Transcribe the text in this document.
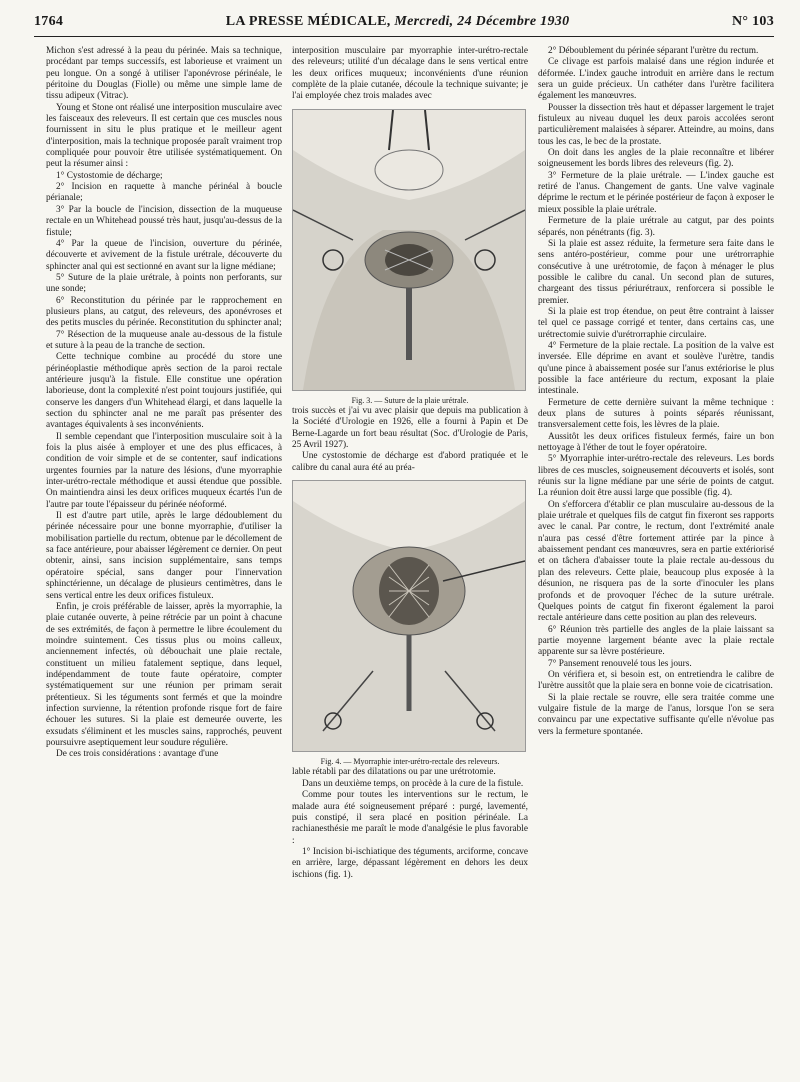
1764	LA PRESSE MÉDICALE, Mercredi, 24 Décembre 1930	N° 103

Michon s'est adressé à la peau du périnée. Mais sa technique, procédant par temps successifs, est laborieuse et vraiment un peu longue. On a songé à utiliser l'aponévrose périnéale, le péritoine du Douglas (Fiolle) ou même une simple lame de tissu adipeux (Vitrac).

Young et Stone ont réalisé une interposition musculaire avec les faisceaux des releveurs. Il est certain que ces muscles nous fournissent in situ le plus pratique et le meilleur agent d'interposition, mais la technique proposée paraît vraiment trop compliquée pour pouvoir être utilisée systématiquement. On peut la résumer ainsi :

1° Cystostomie de décharge;

2° Incision en raquette à manche périnéal à boucle périanale;

3° Par la boucle de l'incision, dissection de la muqueuse rectale en un Whitehead poussé très haut, jusqu'au-dessus de la fistule;

4° Par la queue de l'incision, ouverture du périnée, découverte et avivement de la fistule urétrale, découverte du sphincter anal qui est sectionné en avant sur la ligne médiane;

5° Suture de la plaie urétrale, à points non perforants, sur une sonde;

6° Reconstitution du périnée par le rapprochement en plusieurs plans, au catgut, des releveurs, des aponévroses et des petits muscles du périnée. Reconstitution du sphincter anal;

7° Résection de la muqueuse anale au-dessous de la fistule et suture à la peau de la tranche de section.

Cette technique combine au procédé du store une périnéoplastie méthodique après section de la paroi rectale antérieure jusqu'à la fistule. Elle constitue une opération laborieuse, dont la complexité n'est point toujours justifiée, qui conserve les dangers d'un Whitehead élargi, et dans laquelle la section du sphincter anal ne me paraît pas présenter des avantages équivalents à ses inconvénients.

Il semble cependant que l'interposition musculaire soit à la fois la plus aisée à employer et une des plus efficaces, à condition de voir simple et de se contenter, sauf indications urgentes fournies par la nature des lésions, d'une myorraphie inter-urétro-rectale méthodique et aussi étendue que possible. On maintiendra ainsi les deux orifices muqueux écartés l'un de l'autre par toute l'épaisseur du périnée néoformé.

Il est d'autre part utile, après le large dédoublement du périnée nécessaire pour une bonne myorraphie, d'utiliser la mobilisation partielle du rectum, obtenue par le décollement de sa face antérieure, pour abaisser légèrement ce dernier. On peut obtenir, ainsi, sans incision supplémentaire, sans temps opératoire spécial, sans danger pour l'innervation sphinctérienne, un décalage de plusieurs centimètres, dans le sens vertical entre les deux orifices fistuleux.

Enfin, je crois préférable de laisser, après la myorraphie, la plaie cutanée ouverte, à peine rétrécie par un point à chacune de ses extrémités, de façon à permettre le libre écoulement du moindre suintement. Ces tissus plus ou moins calleux, anciennement infectés, où débouchait une plaie rectale, constituent un milieu fatalement septique, dans lequel, indépendamment de toute faute opératoire, compter systématiquement sur une réunion per primam serait prétentieux. Si les téguments sont fermés et que la moindre infection survienne, la rétention profonde risque fort de faire échouer les sutures. Si la plaie est demeurée ouverte, les exsudats s'éliminent et les muscles sains, rapprochés, peuvent poursuivre aseptiquement leur soudure régulière.

De ces trois considérations : avantage d'une

interposition musculaire par myorraphie inter-urétro-rectale des releveurs; utilité d'un décalage dans le sens vertical entre les deux orifices muqueux; inconvénients d'une réunion complète de la plaie cutanée, découle la technique suivante; je l'ai employée chez trois malades avec

Fig. 3. — Suture de la plaie urétrale.

trois succès et j'ai vu avec plaisir que depuis ma publication à la Société d'Urologie en 1926, elle a fourni à Papin et De Berne-Lagarde un fort beau résultat (Soc. d'Urologie de Paris, 25 Avril 1927).

Une cystostomie de décharge est d'abord pratiquée et le calibre du canal aura été au préa-

Fig. 4. — Myorraphie inter-urétro-rectale des releveurs.

lable rétabli par des dilatations ou par une urétrotomie.

Dans un deuxième temps, on procède à la cure de la fistule.

Comme pour toutes les interventions sur le rectum, le malade aura été soigneusement préparé : purgé, lavementé, puis constipé, il sera placé en position périnéale. La rachianesthésie me paraît le mode d'analgésie le plus favorable :

1° Incision bi-ischiatique des téguments, arciforme, concave en arrière, large, dépassant légèrement en dehors les deux ischions (fig. 1).

2° Déboublement du périnée séparant l'urètre du rectum.

Ce clivage est parfois malaisé dans une région indurée et déformée. L'index gauche introduit en arrière dans le rectum sera un guide précieux. Un cathéter dans l'urètre facilitera également les manœuvres.

Pousser la dissection très haut et dépasser largement le trajet fistuleux au niveau duquel les deux parois accolées seront particulièrement malaisées à séparer. Atteindre, au moins, dans tous les cas, le bec de la prostate.

On doit dans les angles de la plaie reconnaître et libérer soigneusement les bords libres des releveurs (fig. 2).

3° Fermeture de la plaie urétrale. — L'index gauche est retiré de l'anus. Changement de gants. Une valve vaginale déprime le rectum et le périnée postérieur de façon à exposer le mieux possible la plaie urétrale.

Fermeture de la plaie urétrale au catgut, par des points séparés, non pénétrants (fig. 3).

Si la plaie est assez réduite, la fermeture sera faite dans le sens antéro-postérieur, comme pour une urétrorraphie consécutive à une urétrotomie, de façon à ménager le plus possible le calibre du canal. Un second plan de sutures, chargeant des tissus périurétraux, renforcera si possible le premier.

Si la plaie est trop étendue, on peut être contraint à laisser tel quel ce passage corrigé et tenter, dans certains cas, une urétrectomie suivie d'urétrorraphie circulaire.

4° Fermeture de la plaie rectale. La position de la valve est inversée. Elle déprime en avant et soulève l'urètre, tandis qu'une pince à abaissement posée sur l'anus extériorise le plus possible la face antérieure du rectum, exposant la plaie intestinale.

Fermeture de cette dernière suivant la même technique : deux plans de sutures à points séparés réunissant, transversalement cette fois, les lèvres de la plaie.

Aussitôt les deux orifices fistuleux fermés, faire un bon nettoyage à l'éther de tout le foyer opératoire.

5° Myorraphie inter-urétro-rectale des releveurs. Les bords libres de ces muscles, soigneusement découverts et isolés, sont réunis sur la ligne médiane par une série de points de catgut. La réunion doit être aussi large que possible (fig. 4).

On s'efforcera d'établir ce plan musculaire au-dessous de la plaie urétrale et quelques fils de catgut fin fixeront ses rapports avec le canal. Par contre, le rectum, dont l'extrémité anale n'aura pas cessé d'être fortement attirée par la pince à abaissement pendant ces manœuvres, sera en partie extériorisé et on tâchera d'abaisser toute la plaie rectale au-dessous du plan des releveurs. Cette plaie, beaucoup plus exposée à la désunion, ne risquera pas de la sorte d'inoculer les plans profonds et de provoquer l'échec de la suture urétrale. Quelques points de catgut fin fixeront également la paroi rectale antérieure dans cette position au plan des releveurs.

6° Réunion très partielle des angles de la plaie laissant sa partie moyenne largement béante avec la plaie rectale apparente sur sa lèvre postérieure.

7° Pansement renouvelé tous les jours.

On vérifiera et, si besoin est, on entretiendra le calibre de l'urètre aussitôt que la plaie sera en bonne voie de cicatrisation.

Si la plaie rectale se rouvre, elle sera traitée comme une vulgaire fistule de la marge de l'anus, lorsque l'on se sera convaincu par une expectative suffisante qu'elle n'évolue pas vers la fermeture spontanée.
